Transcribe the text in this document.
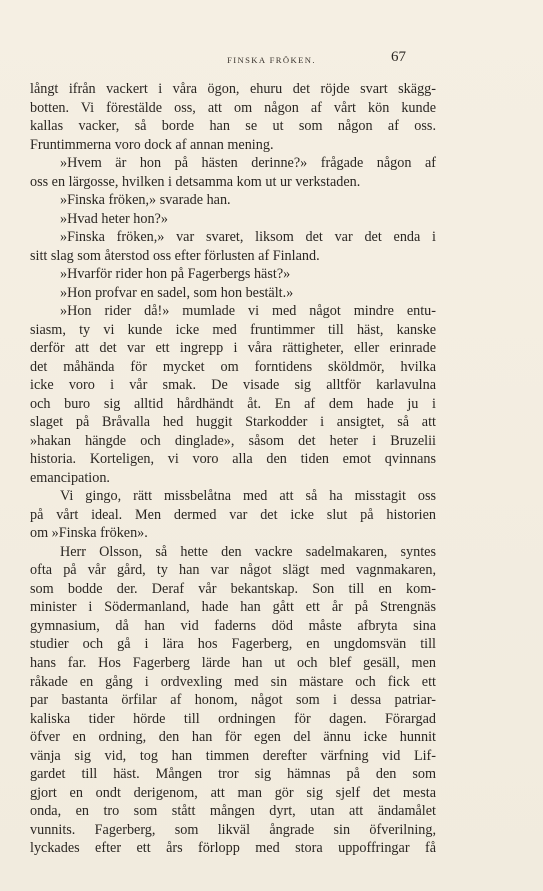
FINSKA FRÖKEN.	67
långt ifrån vackert i våra ögon, ehuru det röjde svart skägg-
botten. Vi förestälde oss, att om någon af vårt kön kunde
kallas vacker, så borde han se ut som någon af oss.
Fruntimmerna voro dock af annan mening.
»Hvem är hon på hästen derinne?» frågade någon af
oss en lärgosse, hvilken i detsamma kom ut ur verkstaden.
»Finska fröken,» svarade han.
»Hvad heter hon?»
»Finska fröken,» var svaret, liksom det var det enda i
sitt slag som återstod oss efter förlusten af Finland.
»Hvarför rider hon på Fagerbergs häst?»
»Hon profvar en sadel, som hon bestält.»
»Hon rider då!» mumlade vi med något mindre entu-
siasm, ty vi kunde icke med fruntimmer till häst, kanske
derför att det var ett ingrepp i våra rättigheter, eller erinrade
det måhända för mycket om forntidens sköldmör, hvilka
icke voro i vår smak. De visade sig alltför karlavulna
och buro sig alltid hårdhändt åt. En af dem hade ju i
slaget på Bråvalla hed huggit Starkodder i ansigtet, så att
»hakan hängde och dinglade», såsom det heter i Bruzelii
historia. Korteligen, vi voro alla den tiden emot qvinnans
emancipation.
Vi gingo, rätt missbelåtna med att så ha misstagit oss
på vårt ideal. Men dermed var det icke slut på historien
om »Finska fröken».
Herr Olsson, så hette den vackre sadelmakaren, syntes
ofta på vår gård, ty han var något slägt med vagnmakaren,
som bodde der. Deraf vår bekantskap. Son till en kom-
minister i Södermanland, hade han gått ett år på Strengnäs
gymnasium, då han vid faderns död måste afbryta sina
studier och gå i lära hos Fagerberg, en ungdomsvän till
hans far. Hos Fagerberg lärde han ut och blef gesäll, men
råkade en gång i ordvexling med sin mästare och fick ett
par bastanta örfilar af honom, något som i dessa patriar-
kaliska tider hörde till ordningen för dagen. Förargad
öfver en ordning, den han för egen del ännu icke hunnit
vänja sig vid, tog han timmen derefter värfning vid Lif-
gardet till häst. Mången tror sig hämnas på den som
gjort en ondt derigenom, att man gör sig sjelf det mesta
onda, en tro som stått mången dyrt, utan att ändamålet
vunnits. Fagerberg, som likväl ångrade sin öfverilning,
lyckades efter ett års förlopp med stora uppoffringar få
